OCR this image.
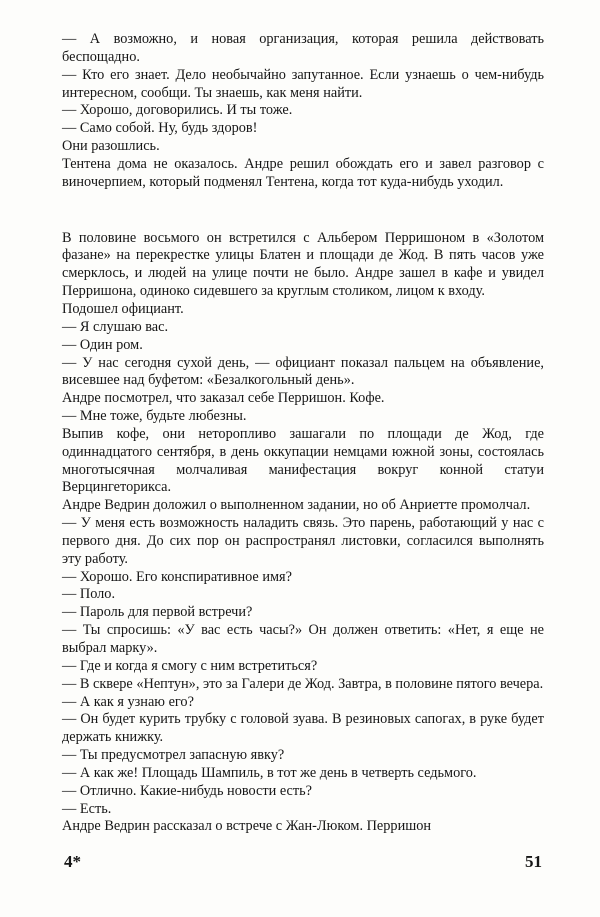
— А возможно, и новая организация, которая решила действовать беспощадно.

— Кто его знает. Дело необычайно запутанное. Если узнаешь о чем-нибудь интересном, сообщи. Ты знаешь, как меня найти.

— Хорошо, договорились. И ты тоже.

— Само собой. Ну, будь здоров!

Они разошлись.

Тентена дома не оказалось. Андре решил обождать его и завел разговор с виночерпием, который подменял Тентена, когда тот куда-нибудь уходил.

В половине восьмого он встретился с Альбером Перришоном в «Золотом фазане» на перекрестке улицы Блатен и площади де Жод. В пять часов уже смерклось, и людей на улице почти не было. Андре зашел в кафе и увидел Перришона, одиноко сидевшего за круглым столиком, лицом к входу.

Подошел официант.

— Я слушаю вас.

— Один ром.

— У нас сегодня сухой день, — официант показал пальцем на объявление, висевшее над буфетом: «Безалкогольный день».

Андре посмотрел, что заказал себе Перришон. Кофе.

— Мне тоже, будьте любезны.

Выпив кофе, они неторопливо зашагали по площади де Жод, где одиннадцатого сентября, в день оккупации немцами южной зоны, состоялась многотысячная молчаливая манифестация вокруг конной статуи Верцингеторикса.

Андре Ведрин доложил о выполненном задании, но об Анриетте промолчал.

— У меня есть возможность наладить связь. Это парень, работающий у нас с первого дня. До сих пор он распространял листовки, согласился выполнять эту работу.

— Хорошо. Его конспиративное имя?

— Поло.

— Пароль для первой встречи?

— Ты спросишь: «У вас есть часы?» Он должен ответить: «Нет, я еще не выбрал марку».

— Где и когда я смогу с ним встретиться?

— В сквере «Нептун», это за Галери де Жод. Завтра, в половине пятого вечера.

— А как я узнаю его?

— Он будет курить трубку с головой зуава. В резиновых сапогах, в руке будет держать книжку.

— Ты предусмотрел запасную явку?

— А как же! Площадь Шампиль, в тот же день в четверть седьмого.

— Отлично. Какие-нибудь новости есть?

— Есть.

Андре Ведрин рассказал о встрече с Жан-Люком. Перришон

4*	51
